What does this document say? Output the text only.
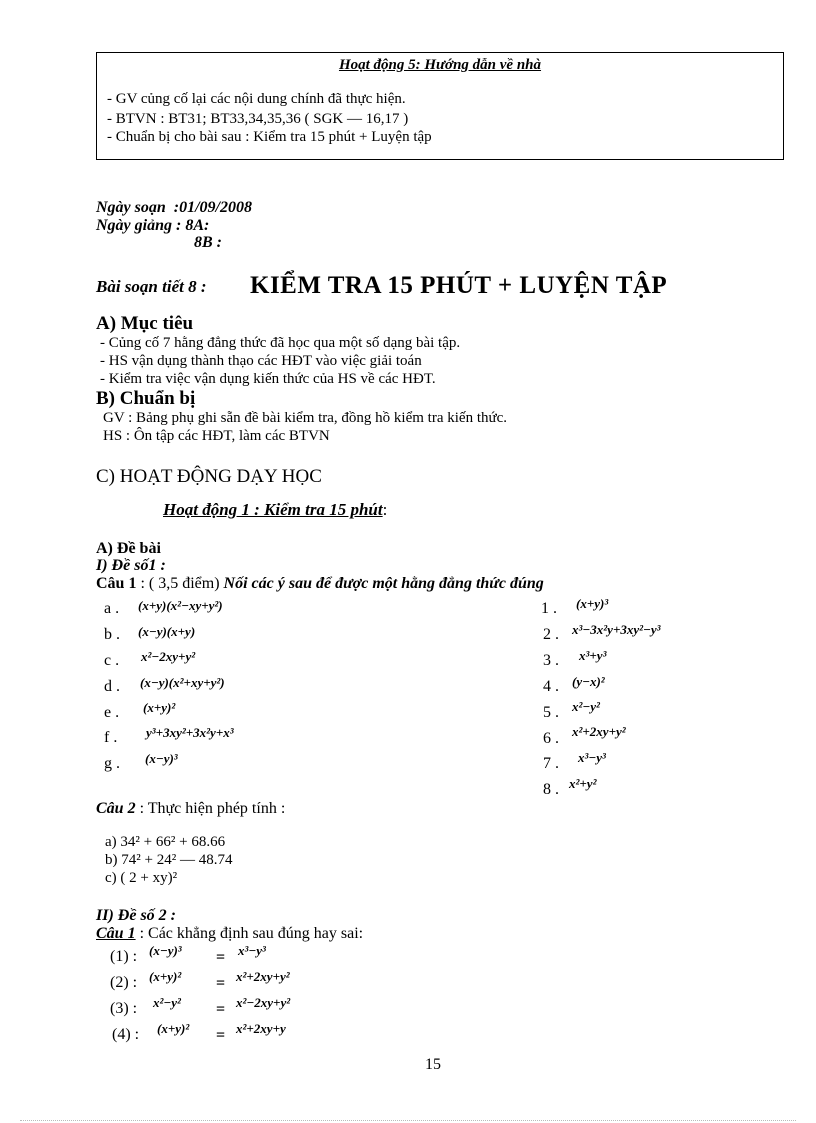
Hoạt động 5: Hướng dẫn về nhà
- GV củng cố lại các nội dung chính đã thực hiện.
- BTVN : BT31; BT33,34,35,36 ( SGK — 16,17 )
- Chuẩn bị cho bài sau : Kiểm tra 15 phút + Luyện tập
Ngày soạn :01/09/2008
Ngày giảng : 8A:
8B :
Bài soạn tiết 8 : KIỂM TRA 15 PHÚT + LUYỆN TẬP
A) Mục tiêu
- Củng cố 7 hằng đẳng thức đã học qua một số dạng bài tập.
- HS vận dụng thành thạo các HĐT vào việc giải toán
- Kiểm tra việc vận dụng kiến thức của HS về các HĐT.
B) Chuẩn bị
GV : Bảng phụ ghi sẵn đề bài kiểm tra, đồng hồ kiểm tra kiến thức.
HS : Ôn tập các HĐT, làm các BTVN
C) HOẠT ĐỘNG DẠY HỌC
Hoạt động 1 : Kiểm tra 15 phút:
A) Đề bài
I) Đề số1 :
Câu 1 : ( 3,5 điểm) Nối các ý sau để được một hằng đẳng thức đúng
a . (x+y)(x²−xy+y²)
b . (x−y)(x+y)
c . x²−2xy+y²
d . (x−y)(x²+xy+y²)
e . (x+y)²
f . y³+3xy²+3x²y+x³
g . (x−y)³
1 . (x+y)³
2 . x³−3x²y+3xy²−y³
3 . x³+y³
4 . (y−x)²
5 . x²−y²
6 . x²+2xy+y²
7 . x³−y³
8 . x²+y²
Câu 2 : Thực hiện phép tính :
a) 34² + 66² + 68.66
b) 74² + 24² — 48.74
c) ( 2 + xy)²
II) Đề số 2 :
Câu 1 : Các khẳng định sau đúng hay sai:
(1) : (x−y)³ = x³−y³
(2) : (x+y)² = x²+2xy+y²
(3) : x²−y² = x²−2xy+y²
(4) : (x+y)² = x²+2xy+y
15
